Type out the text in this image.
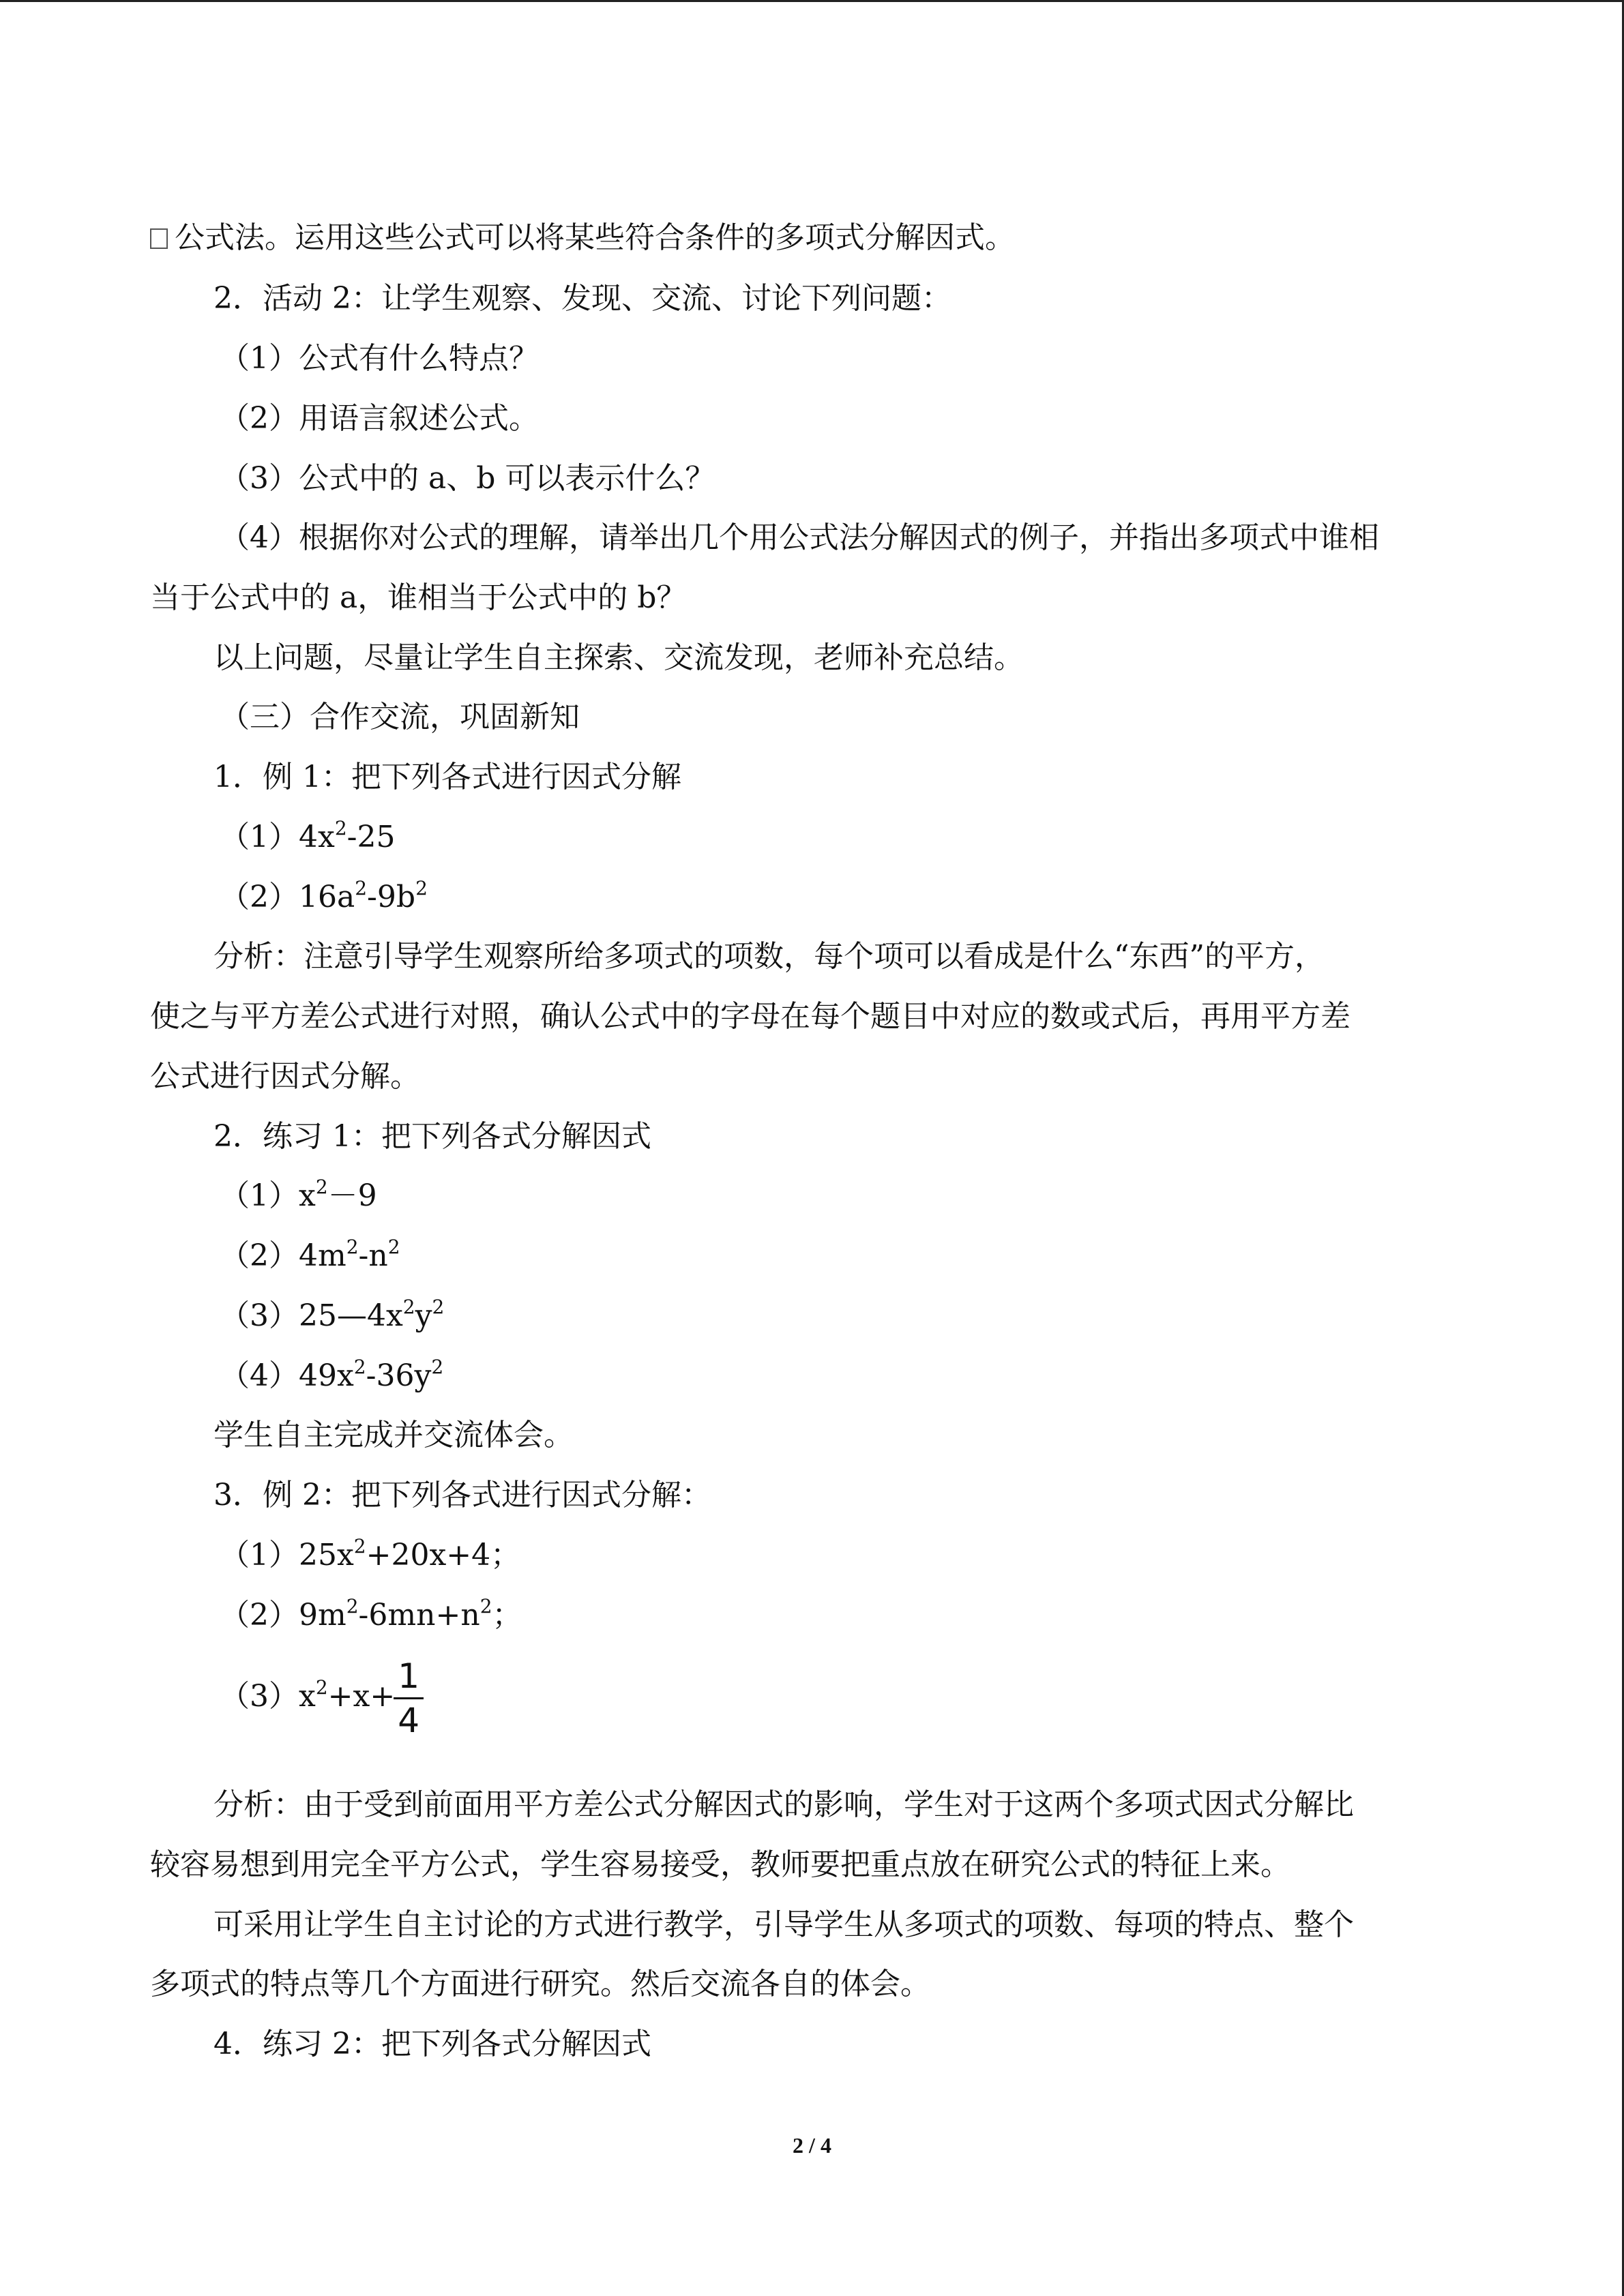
公式法。运用这些公式可以将某些符合条件的多项式分解因式。
2．活动 2：让学生观察、发现、交流、讨论下列问题：
（1）公式有什么特点？
（2）用语言叙述公式。
（3）公式中的 a、b 可以表示什么？
（4）根据你对公式的理解，请举出几个用公式法分解因式的例子，并指出多项式中谁相
当于公式中的 a，谁相当于公式中的 b？
以上问题，尽量让学生自主探索、交流发现，老师补充总结。
（三）合作交流，巩固新知
1．例 1：把下列各式进行因式分解
$(1)4x^2-25$
$(2)16a^2-9b^2$
分析：注意引导学生观察所给多项式的项数，每个项可以看成是什么“东西”的平方，
使之与平方差公式进行对照，确认公式中的字母在每个题目中对应的数或式后，再用平方差
公式进行因式分解。
2．练习 1：把下列各式分解因式
$(1)x^2-9$
$(2)4m^2-n^2$
$(3)25—4x^2y^2$
$(4)49x^2-36y^2$
学生自主完成并交流体会。
3．例 2：把下列各式进行因式分解：
$(1)25x^2+20x+4$；
$(2)9m^2-6mn+n^2$；
$(3)x^2+x+$
$\frac{1}{4}$
分析：由于受到前面用平方差公式分解因式的影响，学生对于这两个多项式因式分解比
较容易想到用完全平方公式，学生容易接受，教师要把重点放在研究公式的特征上来。
可采用让学生自主讨论的方式进行教学，引导学生从多项式的项数、每项的特点、整个
多项式的特点等几个方面进行研究。然后交流各自的体会。
4．练习 2：把下列各式分解因式
2 / 4
